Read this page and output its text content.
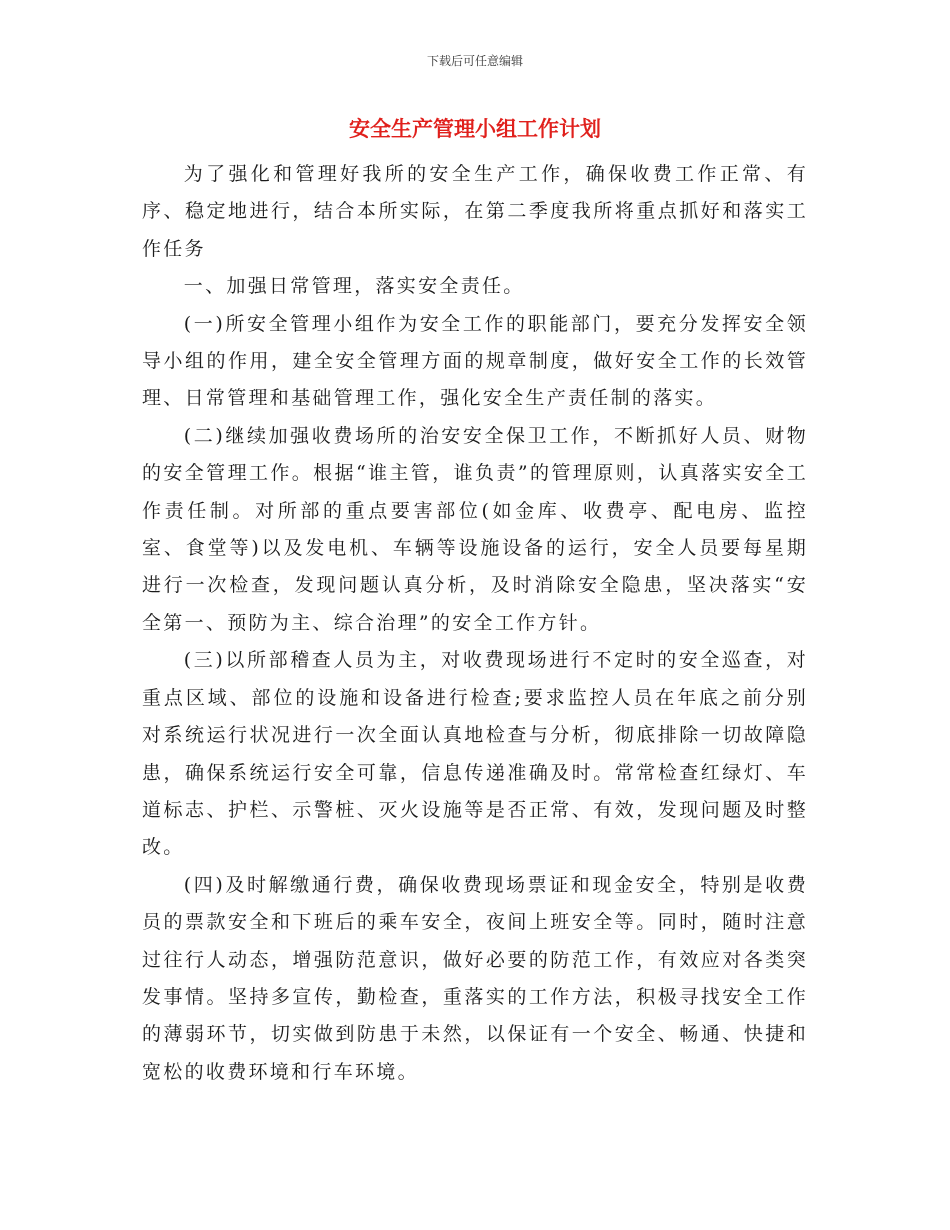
下载后可任意编辑
安全生产管理小组工作计划

为了强化和管理好我所的安全生产工作，确保收费工作正常、有序、稳定地进行，结合本所实际，在第二季度我所将重点抓好和落实工作任务

一、加强日常管理，落实安全责任。

(一)所安全管理小组作为安全工作的职能部门，要充分发挥安全领导小组的作用，建全安全管理方面的规章制度，做好安全工作的长效管理、日常管理和基础管理工作，强化安全生产责任制的落实。

(二)继续加强收费场所的治安安全保卫工作，不断抓好人员、财物的安全管理工作。根据“谁主管，谁负责”的管理原则，认真落实安全工作责任制。对所部的重点要害部位(如金库、收费亭、配电房、监控室、食堂等)以及发电机、车辆等设施设备的运行，安全人员要每星期进行一次检查，发现问题认真分析，及时消除安全隐患，坚决落实“安全第一、预防为主、综合治理”的安全工作方针。

(三)以所部稽查人员为主，对收费现场进行不定时的安全巡查，对重点区域、部位的设施和设备进行检查;要求监控人员在年底之前分别对系统运行状况进行一次全面认真地检查与分析，彻底排除一切故障隐患，确保系统运行安全可靠，信息传递准确及时。常常检查红绿灯、车道标志、护栏、示警桩、灭火设施等是否正常、有效，发现问题及时整改。

(四)及时解缴通行费，确保收费现场票证和现金安全，特别是收费员的票款安全和下班后的乘车安全，夜间上班安全等。同时，随时注意过往行人动态，增强防范意识，做好必要的防范工作，有效应对各类突发事情。坚持多宣传，勤检查，重落实的工作方法，积极寻找安全工作的薄弱环节，切实做到防患于未然，以保证有一个安全、畅通、快捷和宽松的收费环境和行车环境。
